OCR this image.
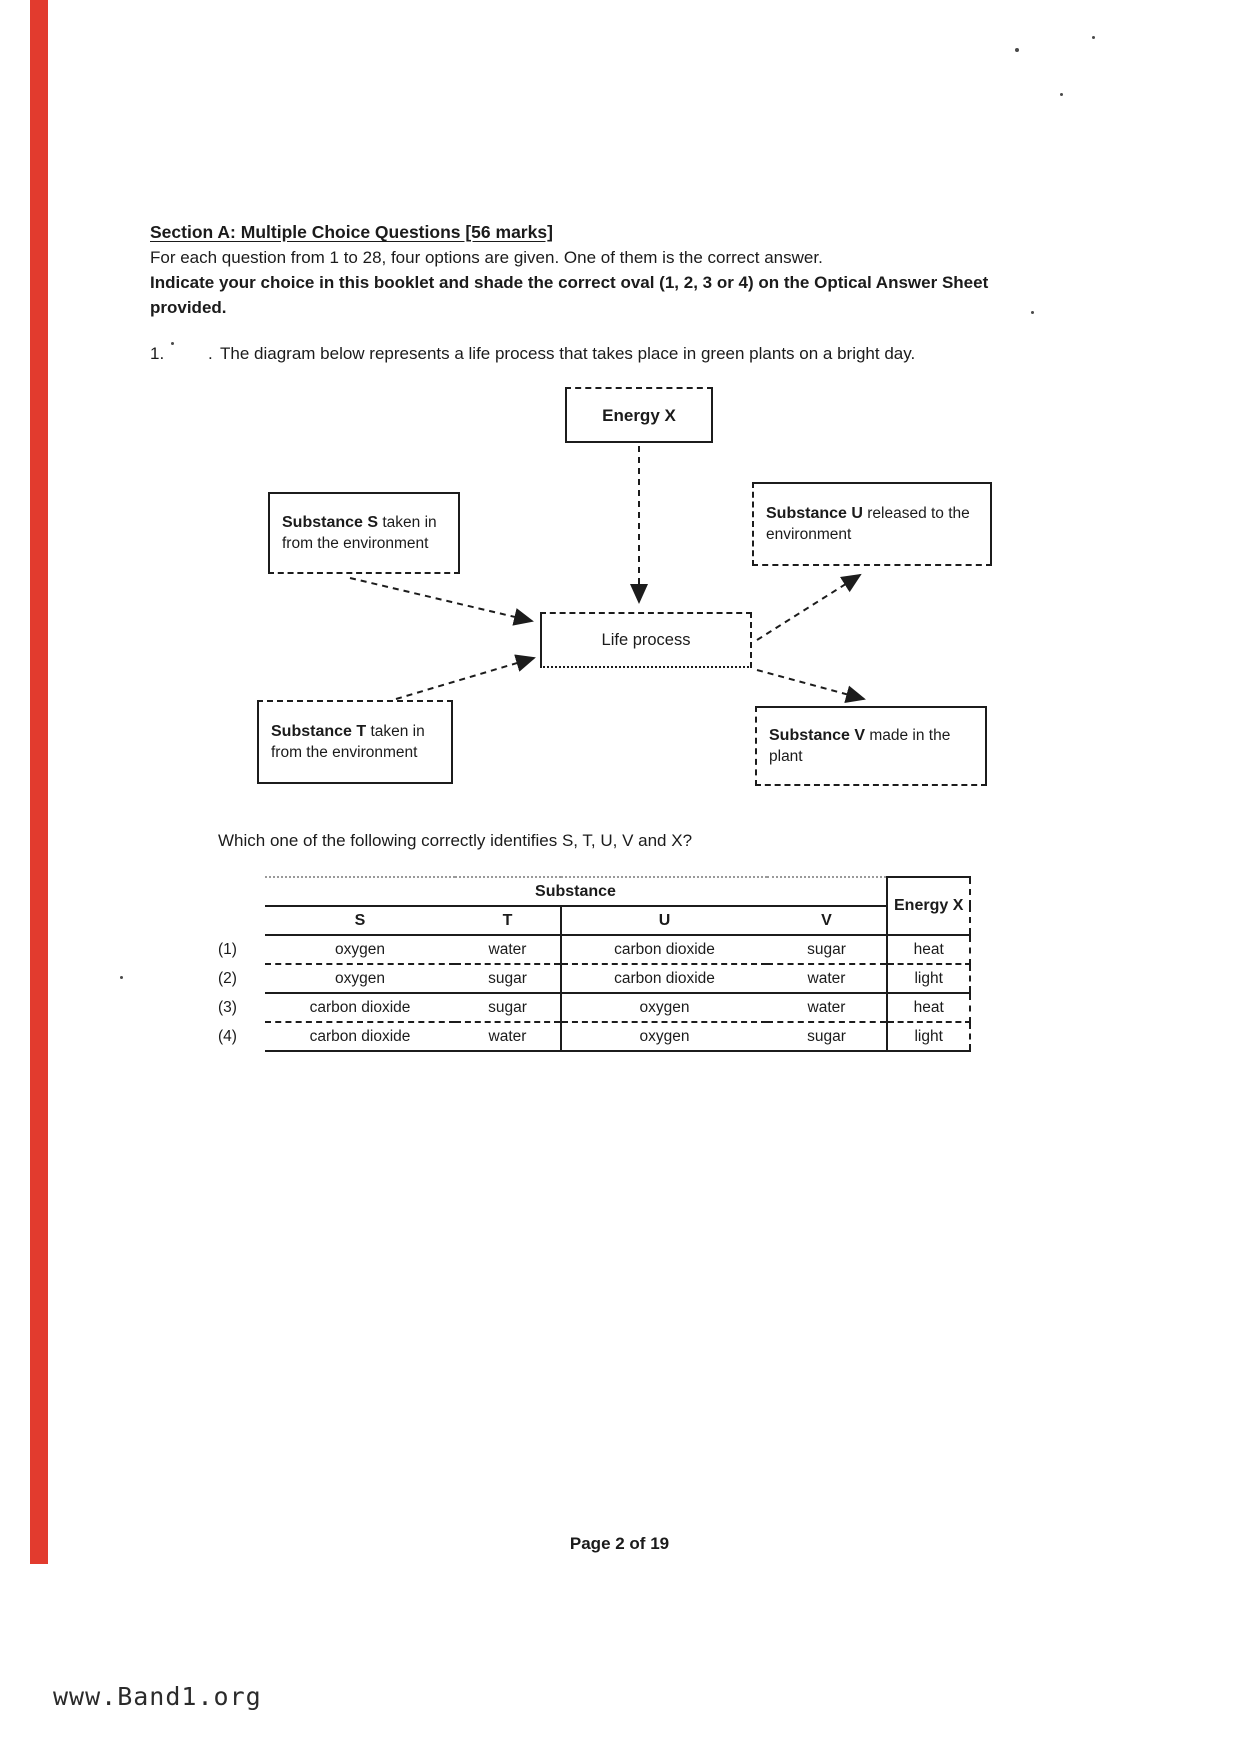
Section A: Multiple Choice Questions [56 marks]

For each question from 1 to 28, four options are given. One of them is the correct answer.

Indicate your choice in this booklet and shade the correct oval (1, 2, 3 or 4) on the Optical Answer Sheet provided.

1.	. The diagram below represents a life process that takes place in green plants on a bright day.
Energy X
Substance S taken in from the environment
Substance U released to the environment
Life process
Substance T taken in from the environment
Substance V made in the plant
Which one of the following correctly identifies S, T, U, V and X?
	Substance				Energy X
	S	T	U	V	
(1)	oxygen	water	carbon dioxide	sugar	heat
(2)	oxygen	sugar	carbon dioxide	water	light
(3)	carbon dioxide	sugar	oxygen	water	heat
(4)	carbon dioxide	water	oxygen	sugar	light
Page 2 of 19
www.Band1.org
